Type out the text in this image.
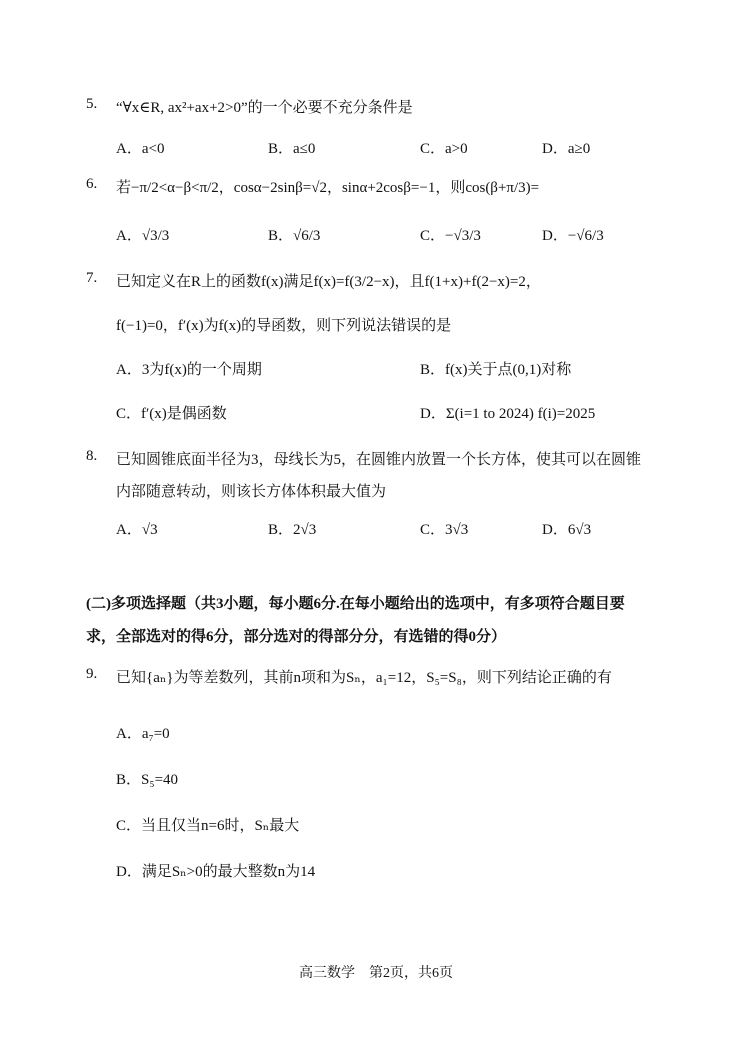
5. “∀x∈R, ax²+ax+2>0”的一个必要不充分条件是
A．a<0	B．a≤0	C．a>0	D．a≥0
6. 若−π/2<α−β<π/2，cosα−2sinβ=√2，sinα+2cosβ=−1，则cos(β+π/3)=
A．√3/3	B．√6/3	C．−√3/3	D．−√6/3
7. 已知定义在R上的函数f(x)满足f(x)=f(3/2−x)，且f(1+x)+f(2−x)=2，
f(−1)=0，f′(x)为f(x)的导函数，则下列说法错误的是
A．3为f(x)的一个周期	B．f(x)关于点(0,1)对称
C．f′(x)是偶函数	D．Σ(i=1 to 2024) f(i)=2025
8. 已知圆锥底面半径为3，母线长为5，在圆锥内放置一个长方体，使其可以在圆锥
内部随意转动，则该长方体体积最大值为
A．√3	B．2√3	C．3√3	D．6√3
(二)多项选择题（共3小题，每小题6分.在每小题给出的选项中，有多项符合题目要
求，全部选对的得6分，部分选对的得部分分，有选错的得0分）
9. 已知{aₙ}为等差数列，其前n项和为Sₙ，a₁=12，S₅=S₈，则下列结论正确的有
A．a₇=0
B．S₅=40
C．当且仅当n=6时，Sₙ最大
D．满足Sₙ>0的最大整数n为14
高三数学　第2页，共6页
